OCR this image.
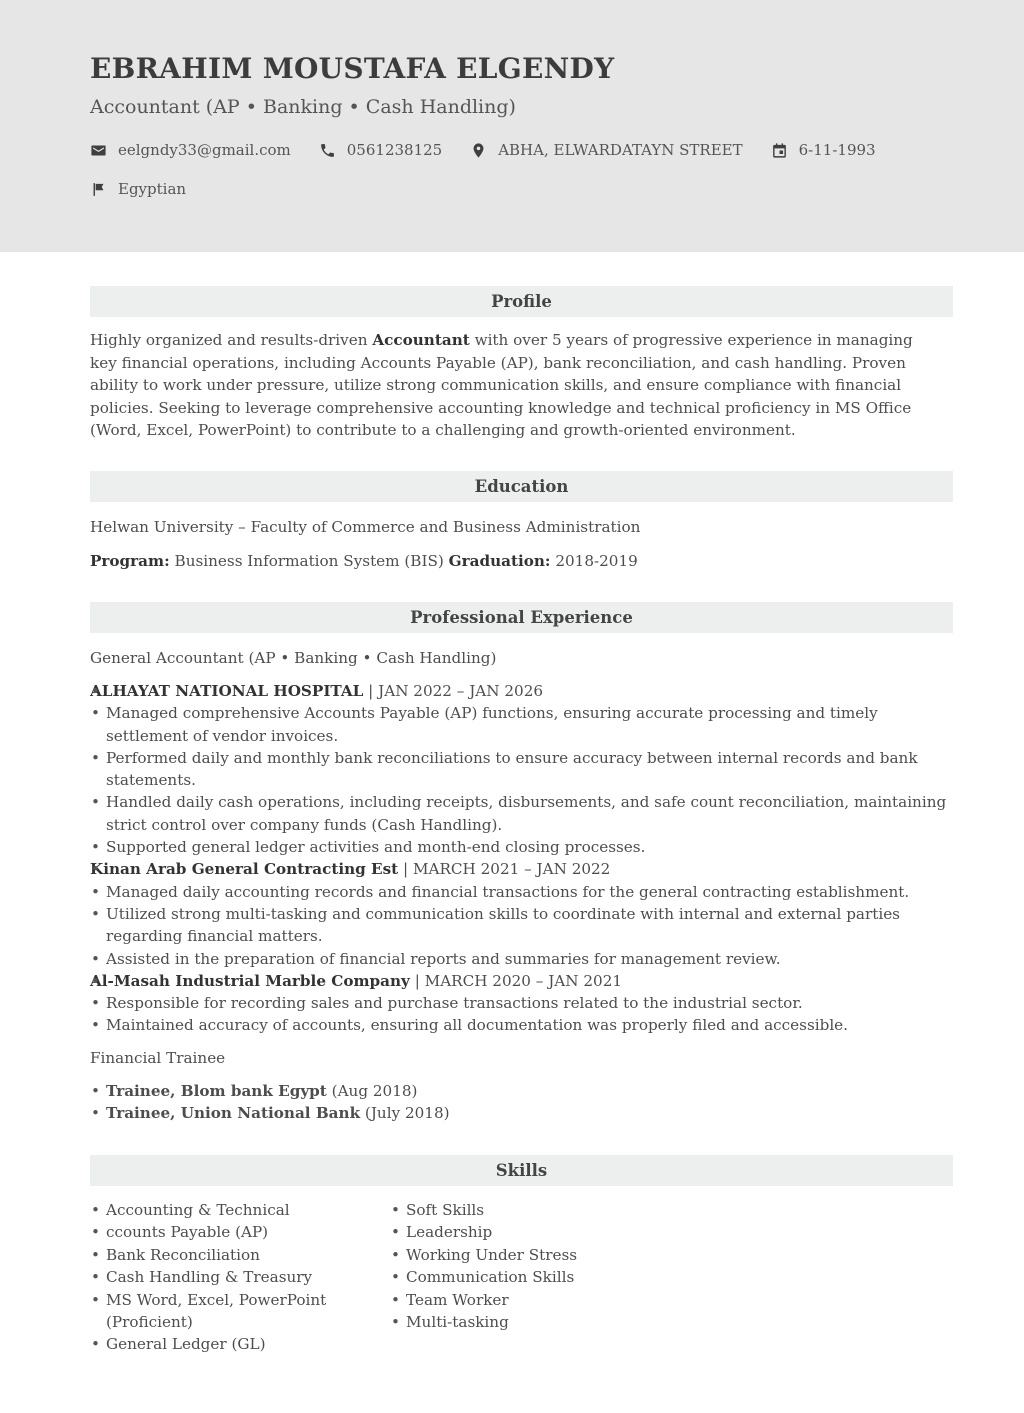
EBRAHIM MOUSTAFA ELGENDY
Accountant (AP • Banking • Cash Handling)
eelgndy33@gmail.com	0561238125	ABHA, ELWARDATAYN STREET	6-11-1993
Egyptian
Profile
Highly organized and results-driven Accountant with over 5 years of progressive experience in managing key financial operations, including Accounts Payable (AP), bank reconciliation, and cash handling. Proven ability to work under pressure, utilize strong communication skills, and ensure compliance with financial policies. Seeking to leverage comprehensive accounting knowledge and technical proficiency in MS Office (Word, Excel, PowerPoint) to contribute to a challenging and growth-oriented environment.
Education
Helwan University – Faculty of Commerce and Business Administration
Program: Business Information System (BIS) Graduation: 2018-2019
Professional Experience
General Accountant (AP • Banking • Cash Handling)
• ALHAYAT NATIONAL HOSPITAL | JAN 2022 – JAN 2026
• Managed comprehensive Accounts Payable (AP) functions, ensuring accurate processing and timely settlement of vendor invoices.
• Performed daily and monthly bank reconciliations to ensure accuracy between internal records and bank statements.
• Handled daily cash operations, including receipts, disbursements, and safe count reconciliation, maintaining strict control over company funds (Cash Handling).
• Supported general ledger activities and month-end closing processes.
• Kinan Arab General Contracting Est | MARCH 2021 – JAN 2022
• Managed daily accounting records and financial transactions for the general contracting establishment.
• Utilized strong multi-tasking and communication skills to coordinate with internal and external parties regarding financial matters.
• Assisted in the preparation of financial reports and summaries for management review.
• Al-Masah Industrial Marble Company | MARCH 2020 – JAN 2021
• Responsible for recording sales and purchase transactions related to the industrial sector.
• Maintained accuracy of accounts, ensuring all documentation was properly filed and accessible.
Financial Trainee
• Trainee, Blom bank Egypt (Aug 2018)
• Trainee, Union National Bank (July 2018)
Skills
• Accounting & Technical
• ccounts Payable (AP)
• Bank Reconciliation
• Cash Handling & Treasury
• MS Word, Excel, PowerPoint (Proficient)
• General Ledger (GL)
• Soft Skills
• Leadership
• Working Under Stress
• Communication Skills
• Team Worker
• Multi-tasking
